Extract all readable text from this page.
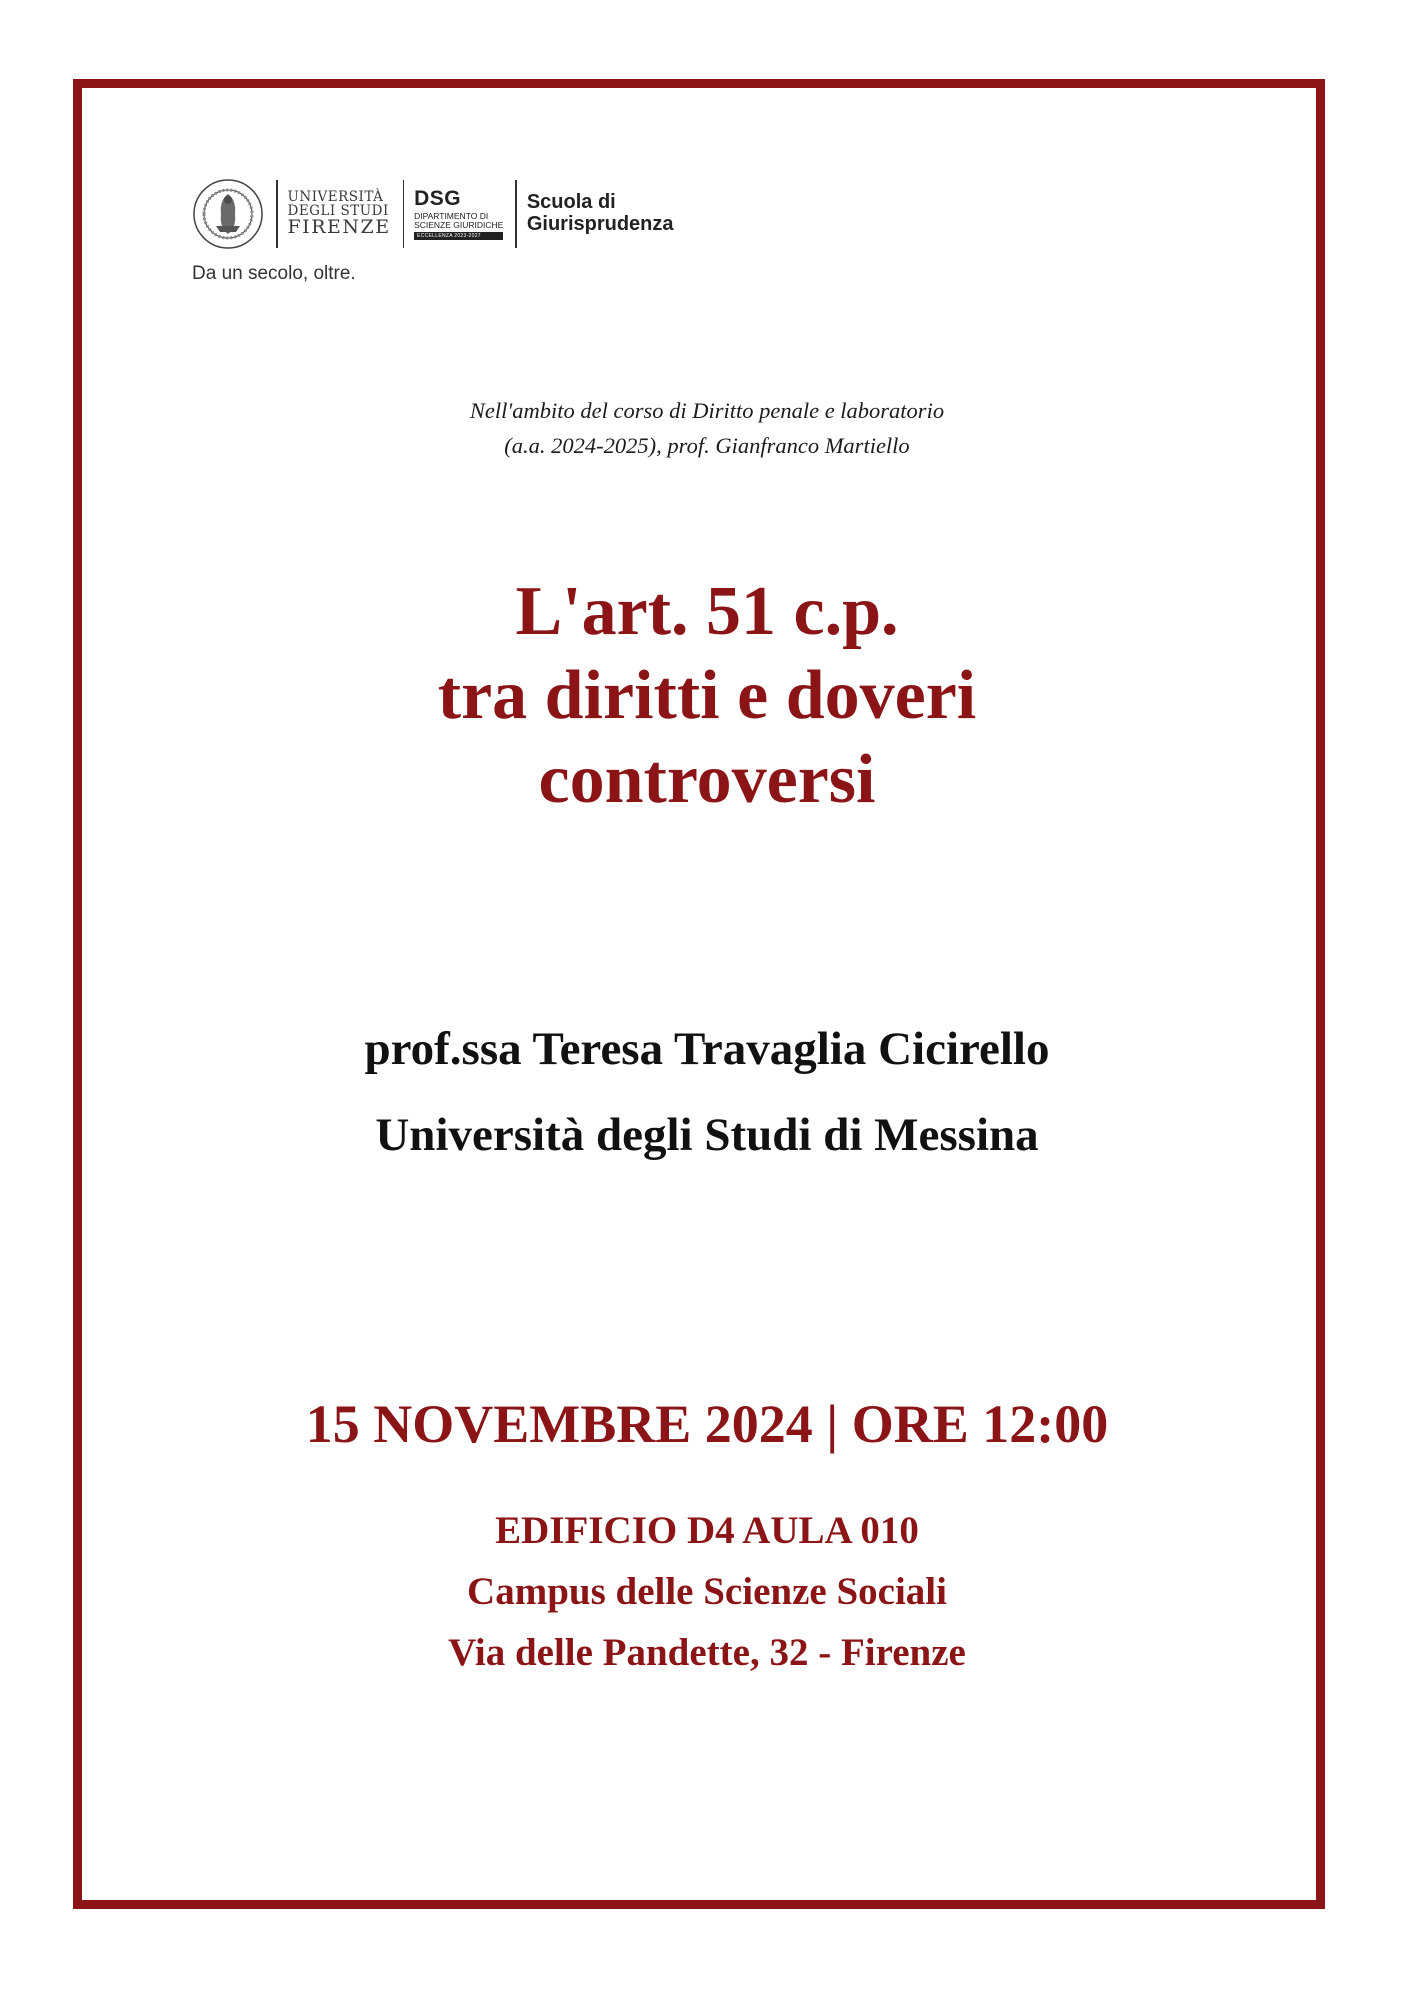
UNIVERSITÀ
DEGLI STUDI
FIRENZE
DSG
DIPARTIMENTO DI
SCIENZE GIURIDICHE
ECCELLENZA 2023-2027
Scuola di
Giurisprudenza
Da un secolo, oltre.
Nell'ambito del corso di Diritto penale e laboratorio
(a.a. 2024-2025), prof. Gianfranco Martiello
L'art. 51 c.p.
tra diritti e doveri
controversi
prof.ssa Teresa Travaglia Cicirello
Università degli Studi di Messina
15 NOVEMBRE 2024 | ORE 12:00
EDIFICIO D4 AULA 010
Campus delle Scienze Sociali
Via delle Pandette, 32 - Firenze
